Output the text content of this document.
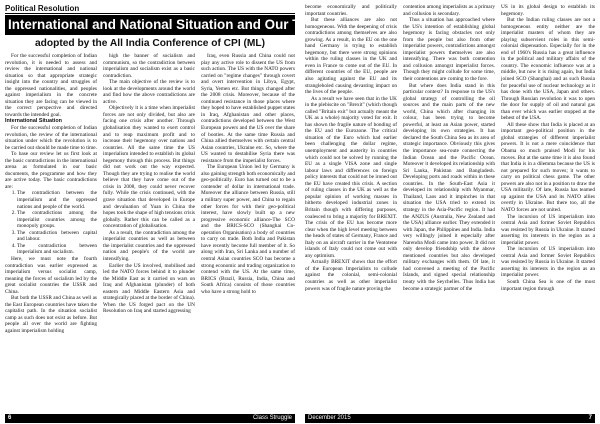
Political Resolution
International and National Situation and Our Tasks
adopted by the All India Conference of CPI (ML)

For the successful completion of Indian revolution, it is needed to assess and review the international and national situation so that appropriate strategic insight into the country and struggles of the oppressed nationalities, and peoples against imperialism in the concrete situation they are facing can be viewed in the correct perspective and directed towards the intended goal.

International Situation

For the successful completion of Indian revolution, the review of the international situation under which the revolution is to be carried out should be made time to time.

To base our review let us first look at the basic contradictions in the international arena as formulated in our basic documents, the programme and how they are active today. The basic contradictions are:

1. The contradiction between the imperialism and the oppressed nations and people of the world.
2. The contradictions among the imperialist countries among the monopoly groups.
3. The contradiction between capital and labour.
4. The contradiction between imperialism and socialism.

Here, we must note the fourth contradiction was earlier expressed as imperialism versus socialist camp, meaning the forces of socialism led by the great socialist countries the USSR and China.

But both the USSR and China as well as the East European countries have taken the capitalist path. In the situation socialist camp as such does not exist as before. But people all over the world are fighting against imperialism holding

high the banner of socialism and communism, so the contradiction between imperialism and socialism exist as a basic contradiction.

The main objective of the review is to look at the developments around the world and find how the above contradictions are active.

Objectively it is a time when imperialist forces are not only divided, but also are facing one crisis after another. Through globalisation they wanted to exert control and to reap maximum profit and to increase their hegemony over nations and countries. All the same time the US imperialism intended to establish its global hegemony through this process. But things did not work out the way expected. Though they are trying to realise the world believe that they have come out of the crisis in 2008, they could never recover fully. While the crisis continued, with the grave situation that developed in Europe and devaluation of Yuan in China the hopes took the shape of high tensions crisis globally. Rather this can be called as a concentration of globalisation.

As a result, the contradiction among the imperialist countries as well as between the imperialist countries and the oppressed nation and people's of the world are intensifying.

Earlier the US involved, mobilised and led the NATO forces behind it to plunder the Middle East as it carried on wars on Iraq and Afghanistan (plunder) of both eastern and Middle Eastern Asia and strategically placed at the border of China). When the US forged pact on the UN Resolution on Iraq and started aggressing

Iraq, even Russia and China could not play any active role to dissent the US from such action. The US with the NATO powers carried on "regime changes" through covert and overt intervention in Libya, Egypt, Syria, Yemen etc. But things changed after the 2008 crisis. Moreover, because of the continued resistance in those places where they hoped to have established puppet states in Iraq, Afghanistan and other places, contradictions developed between the West European powers and the US over the share of booties. At the same time Russia and China allied themselves with certain central Asian countries, Ukraine etc. So, where the US wanted to destabilise Syria there was resistance from the imperialist forces.

The European Union led by Germany is also gaining strength both economically and geo-politically. Euro has turned out to be a contender of dollar in international trade. Moreover the alliance between Russia, still a military super power, and China to regain other forces for with their geo-political interest, have slowly built up a new progressive economic alliance-The SCO and the BRICS-SCO (Shanghai Co-operation Organisation) a body of countries to carry on trade. Both India and Pakistan have recently become full member of it. So along with Iran, Sri Lanka and a number of central Asian countries SCO has become a strong economic and trading organization to contend with the US. At the same time, BRICS (Brazil, Russia, India, China and South Africa) consists of those countries who have a strong hold to

6	Class Struggle

become economically and politically important countries.

But these alliances are also not homogeneous. With the deepening of crisis contradictions among themselves are also growing. As a result, in the EU on the one hand Germany is trying to establish hegemony, but there were strong opinions within the ruling classes in the UK and even in France to come out of the EU. In different countries of the EU, people are also agitating against the EU and its strangleholed causing devasting impact on the lives of the people.

As a result we have seen that in the UK in the plebiscite on "Brexit" (which though called "Britain exit" but actually meant the UK as a whole) majority voted for exit. It has shown the fragile nature of bonding of the EU and the Eurozone. The critical situation of the Euro which had earlier been challenging the dollar regime, unemployment and austerity in countries which could not be solved by running the EU as a single VISA zone and single labour laws and differences on foreign policy interests that could not be ironed out the EU have created this crisis. A section of ruling classes in the UK as well as the popular opinion of working masses in hitherto developed industrial zones in Britain though with differing purposes, coalesced to bring a majority for BREXIT. The crisis of the EU has become more clear when the high level meeting between the heads of states of Germany, France and Italy on an aircraft carrier in the Ventotene islands of Italy could not come out with any optimism.

Actually BREXIT shows that the effort of the European Imperialists to collude against the colonial, semi-colonial countries as well as other imperialist powers was of fragile nature proving the

contention among imperialists as a primary and collusion is secondary.

Thus a situation has approached where the US's intention of establishing global hegemony is facing obstacles not only from the people but also from other imperialist powers, contradictions amongst imperialist powers themselves are also intensifying. There was both contention and collusion amongst imperialist forces. Though they might collude for some time, their contentions are coming to the fore.

But where does India stand in this particular context? In response to the US's global strategy of controlling the oil sources and the main parts of the new world, China which after changing its colour, has been trying to become powerful, at least an Asian power, started developing its own strategies. It has declared the South China Sea as its area of strategic importance. Obviously this gives the importance sea-route connecting the Indian Ocean and the Pacific Ocean. Moreover it developed its relationship with Sri Lanka, Pakistan and Bangladesh. Developing ports and roads within in these countries. In the South-East Asia it developed its relationship with Myanmar, Thailand, Laos and it impinches in that situation the USA tried to extend its strategy in the Asia-Pacific region. It had the ANZUS (Australia, New Zealand and the USA) alliance earlier. They extended it with Japan, the Philippines and India. India very willingly joined it especially after Narendra Modi came into power. It did not only develop friendship with the above mentioned countries but also developed military exchanges with them. Of late, it had convened a meeting of the Pacific Islands, and signed special relationship treaty with the Seychelles. Thus India has become a strategic partner of the

US in its global design to establish its hegemony.

But the Indian ruling classes are not a homogeneous entity neither are the imperialist masters of whom they are playing subservient roles in this semi-colonial dispensation. Especially for in the end of 1960's Russia has a great influence in the political and military affairs of the country. The economic influence was at a middle, but now it is rising again, but India joined SCO (Shanghai) and as such Russia for peaceful use of nuclear technology as it has done with the USA, Japan and others. Through Russian revolution it was to open the door for supply of oil and natural gas than ever which was earlier stopped at the behest of the USA.

All these show that India is placed at an important geo-political position in the global strategies of different imperialist powers. It is not a mere coincidence that Obama so much praised Modi for his moves. But at the same time it is also found that India is in a dilemma because the US is not prepared for such moves; it wants to carry on political chess game. The other powers are also not in a position to draw the USA militarily. Of late, Russia has teamed up against the USA and its NATO allies overtly in Ukraine. But there too, all the NATO forces are not united.

The incursion of US imperialism into central Asia and former Soviet Republics was resisted by Russia in Ukraine. It started asserting its interests in the region as a imperialist power.

The incursion of US imperialism into central Asia and former Soviet Republics was resisted by Russia in Ukraine. It started asserting its interests in the region as an imperialist power.

South China Sea is one of the most important region through

December 2015	7
